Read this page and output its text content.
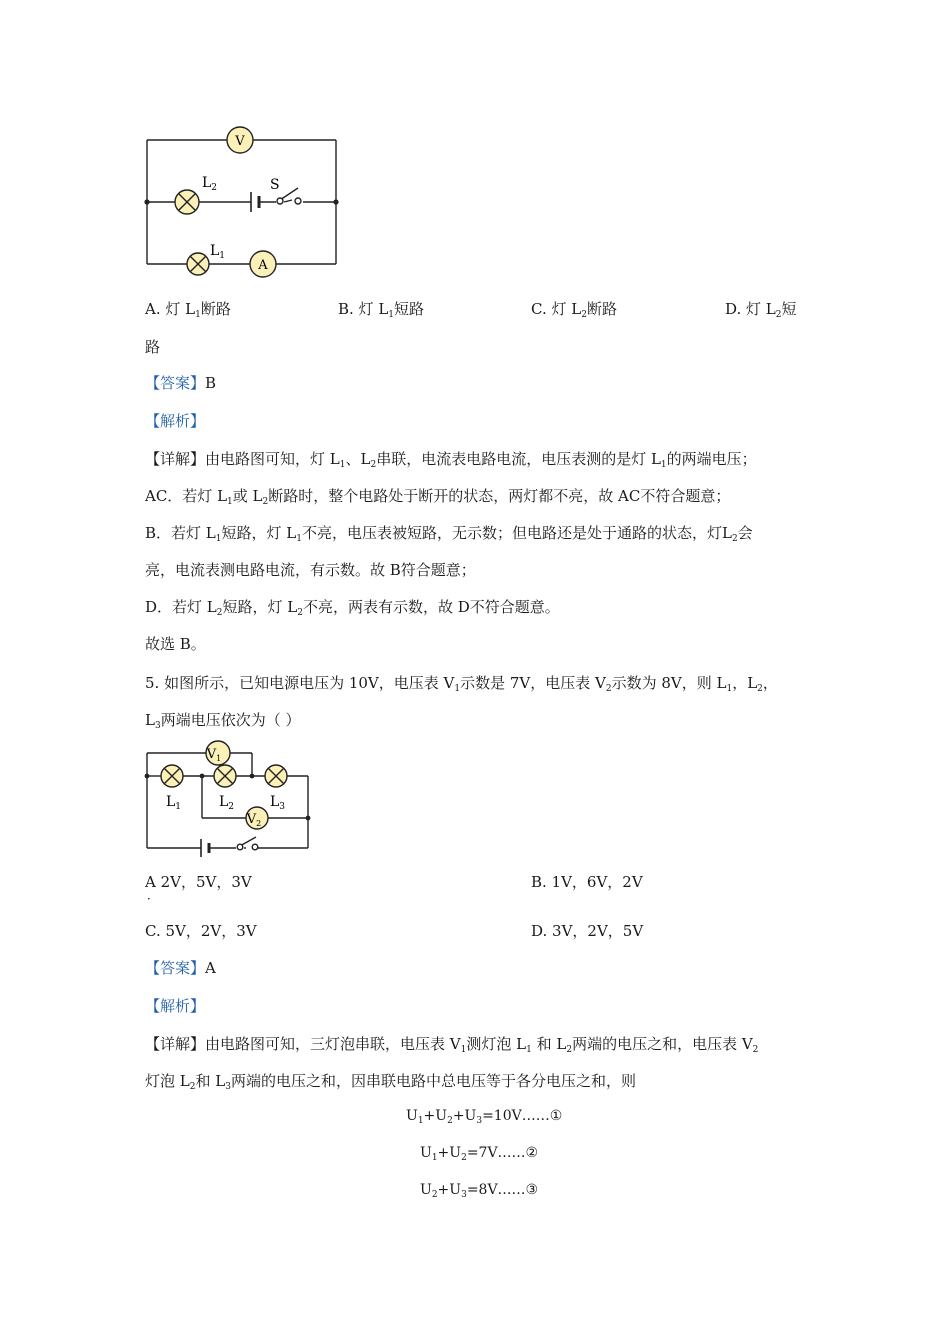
V
A
$L_2$	S
$L_1$
A. 灯 $L_1$断路	B. 灯 $L_1$短路	C. 灯 $L_2$断路	D. 灯 $L_2$短
路
【答案】B
【解析】
【详解】由电路图可知，灯 $L_1$、$L_2$串联，电流表电路电流，电压表测的是灯 $L_1$的两端电压；
AC．若灯 $L_1$或 $L_2$断路时，整个电路处于断开的状态，两灯都不亮，故 AC不符合题意；
B．若灯 $L_1$短路，灯 $L_1$不亮，电压表被短路，无示数；但电路还是处于通路的状态，灯$L_2$会
亮，电流表测电路电流，有示数。故 B符合题意；
D．若灯 $L_2$短路，灯 $L_2$不亮，两表有示数，故 D不符合题意。
故选 B。
5. 如图所示，已知电源电压为 10V，电压表 $V_1$示数是 7V，电压表 $V_2$示数为 8V，则 $L_1$，$L_2$，
$L_3$两端电压依次为（ ）
$V_1$
$V_2$
$L_1$	$L_2$	$L_3$
A 2V，5V，3V
．
B. 1V，6V，2V
C. 5V，2V，3V	D. 3V，2V，5V
【答案】A
【解析】
【详解】由电路图可知，三灯泡串联，电压表 $V_1$测灯泡 $L_1$ 和 $L_2$两端的电压之和，电压表 $V_2$
灯泡 $L_2$和 $L_3$两端的电压之和，因串联电路中总电压等于各分电压之和，则
$U_1+U_2+U_3=10V\dots\dots ①$
$U_1+U_2=7V\dots\dots ②$
$U_2+U_3=8V\dots\dots ③$
